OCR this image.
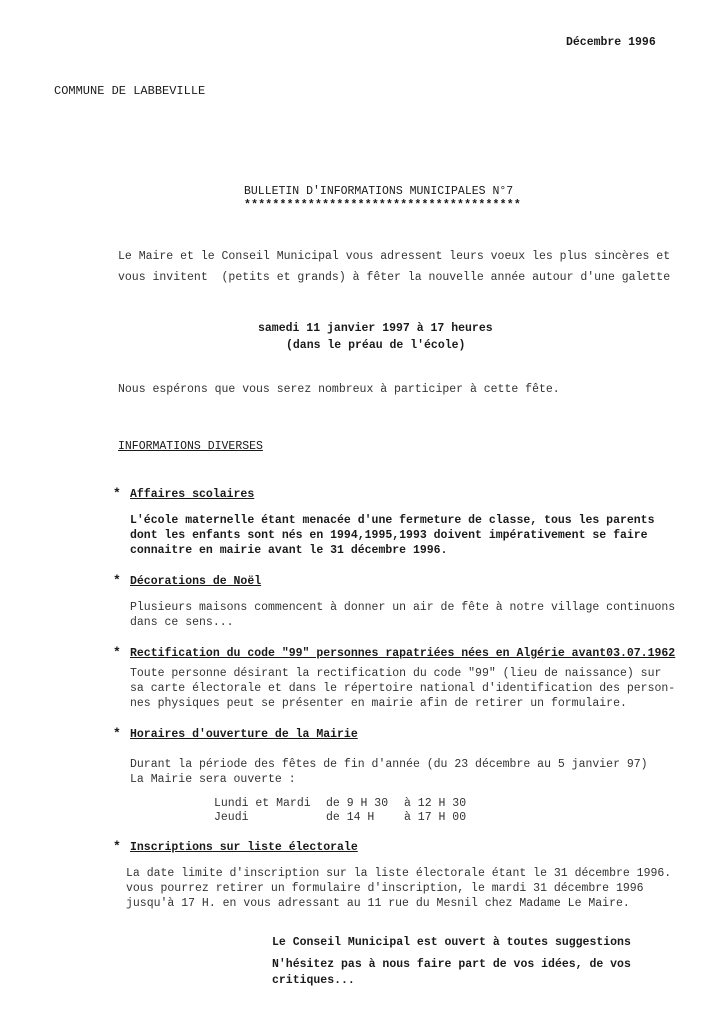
Décembre 1996
COMMUNE DE LABBEVILLE
BULLETIN D'INFORMATIONS MUNICIPALES N°7
***************************************
Le Maire et le Conseil Municipal vous adressent leurs voeux les plus sincères et
vous invitent  (petits et grands) à fêter la nouvelle année autour d'une galette
samedi 11 janvier 1997 à 17 heures
(dans le préau de l'école)
Nous espérons que vous serez nombreux à participer à cette fête.
INFORMATIONS DIVERSES
* Affaires scolaires
L'école maternelle étant menacée d'une fermeture de classe, tous les parents
dont les enfants sont nés en 1994,1995,1993 doivent impérativement se faire
connaitre en mairie avant le 31 décembre 1996.
* Décorations de Noël
Plusieurs maisons commencent à donner un air de fête à notre village continuons
dans ce sens...
* Rectification du code "99" personnes rapatriées nées en Algérie avant03.07.1962
Toute personne désirant la rectification du code "99" (lieu de naissance) sur
sa carte électorale et dans le répertoire national d'identification des person-
nes physiques peut se présenter en mairie afin de retirer un formulaire.
* Horaires d'ouverture de la Mairie
Durant la période des fêtes de fin d'année (du 23 décembre au 5 janvier 97)
La Mairie sera ouverte :
Lundi et Mardi de 9 H 30 à 12 H 30
Jeudi	de 14 H	à 17 H 00
* Inscriptions sur liste électorale
La date limite d'inscription sur la liste électorale étant le 31 décembre 1996.
vous pourrez retirer un formulaire d'inscription, le mardi 31 décembre 1996
jusqu'à 17 H. en vous adressant au 11 rue du Mesnil chez Madame Le Maire.
Le Conseil Municipal est ouvert à toutes suggestions
N'hésitez pas à nous faire part de vos idées, de vos
critiques...
